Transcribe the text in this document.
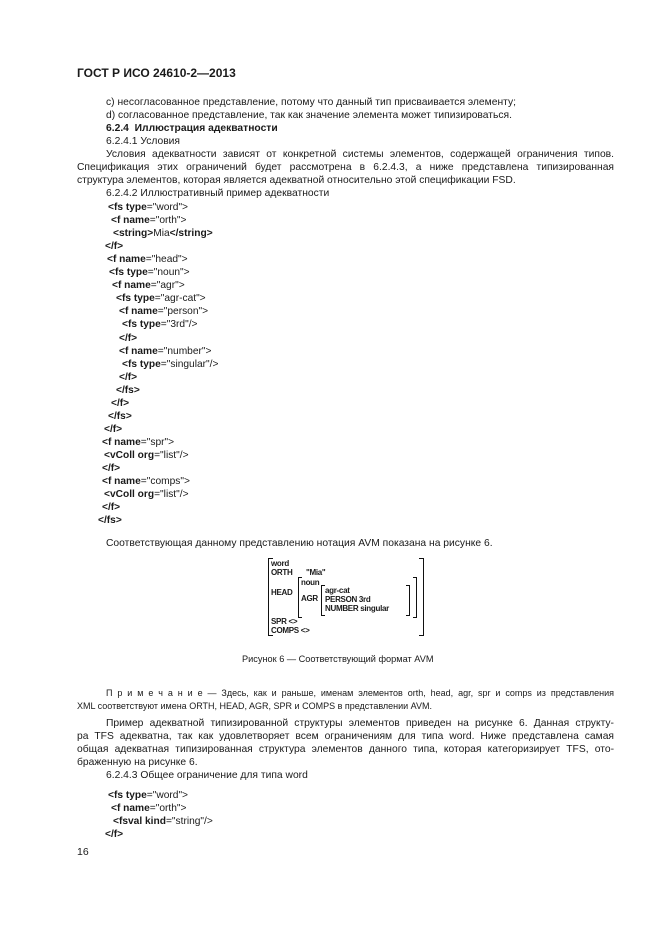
ГОСТ Р ИСО 24610-2—2013
c) несогласованное представление, потому что данный тип присваивается элементу;
d) согласованное представление, так как значение элемента может типизироваться.
6.2.4 Иллюстрация адекватности
6.2.4.1 Условия
Условия адекватности зависят от конкретной системы элементов, содержащей ограничения типов.
Спецификация этих ограничений будет рассмотрена в 6.2.4.3, а ниже представлена типизированная
структура элементов, которая является адекватной относительно этой спецификации FSD.
6.2.4.2 Иллюстративный пример адекватности
<fs type="word">
<f name="orth">
<string>Mia</string>
</f>
<f name="head">
<fs type="noun">
<f name="agr">
<fs type="agr-cat">
<f name="person">
<fs type="3rd"/>
</f>
<f name="number">
<fs type="singular"/>
</f>
</fs>
</f>
</fs>
</f>
<f name="spr">
<vColl org="list"/>
</f>
<f name="comps">
<vColl org="list"/>
</f>
</fs>
Соответствующая данному представлению нотация AVM показана на рисунке 6.
word
ORTH "Mia"
HEAD
noun
AGR
agr-cat
PERSON 3rd
NUMBER singular
SPR <>
COMPS <>
Рисунок 6 — Соответствующий формат AVM
П р и м е ч а н и е — Здесь, как и раньше, именам элементов orth, head, agr, spr и comps из представления
XML соответствуют имена ORTH, HEAD, AGR, SPR и COMPS в представлении AVM.
Пример адекватной типизированной структуры элементов приведен на рисунке 6. Данная структу-
ра TFS адекватна, так как удовлетворяет всем ограничениям для типа word. Ниже представлена самая
общая адекватная типизированная структура элементов данного типа, которая категоризирует TFS, ото-
браженную на рисунке 6.
6.2.4.3 Общее ограничение для типа word
<fs type="word">
<f name="orth">
<fsval kind="string"/>
</f>
16
